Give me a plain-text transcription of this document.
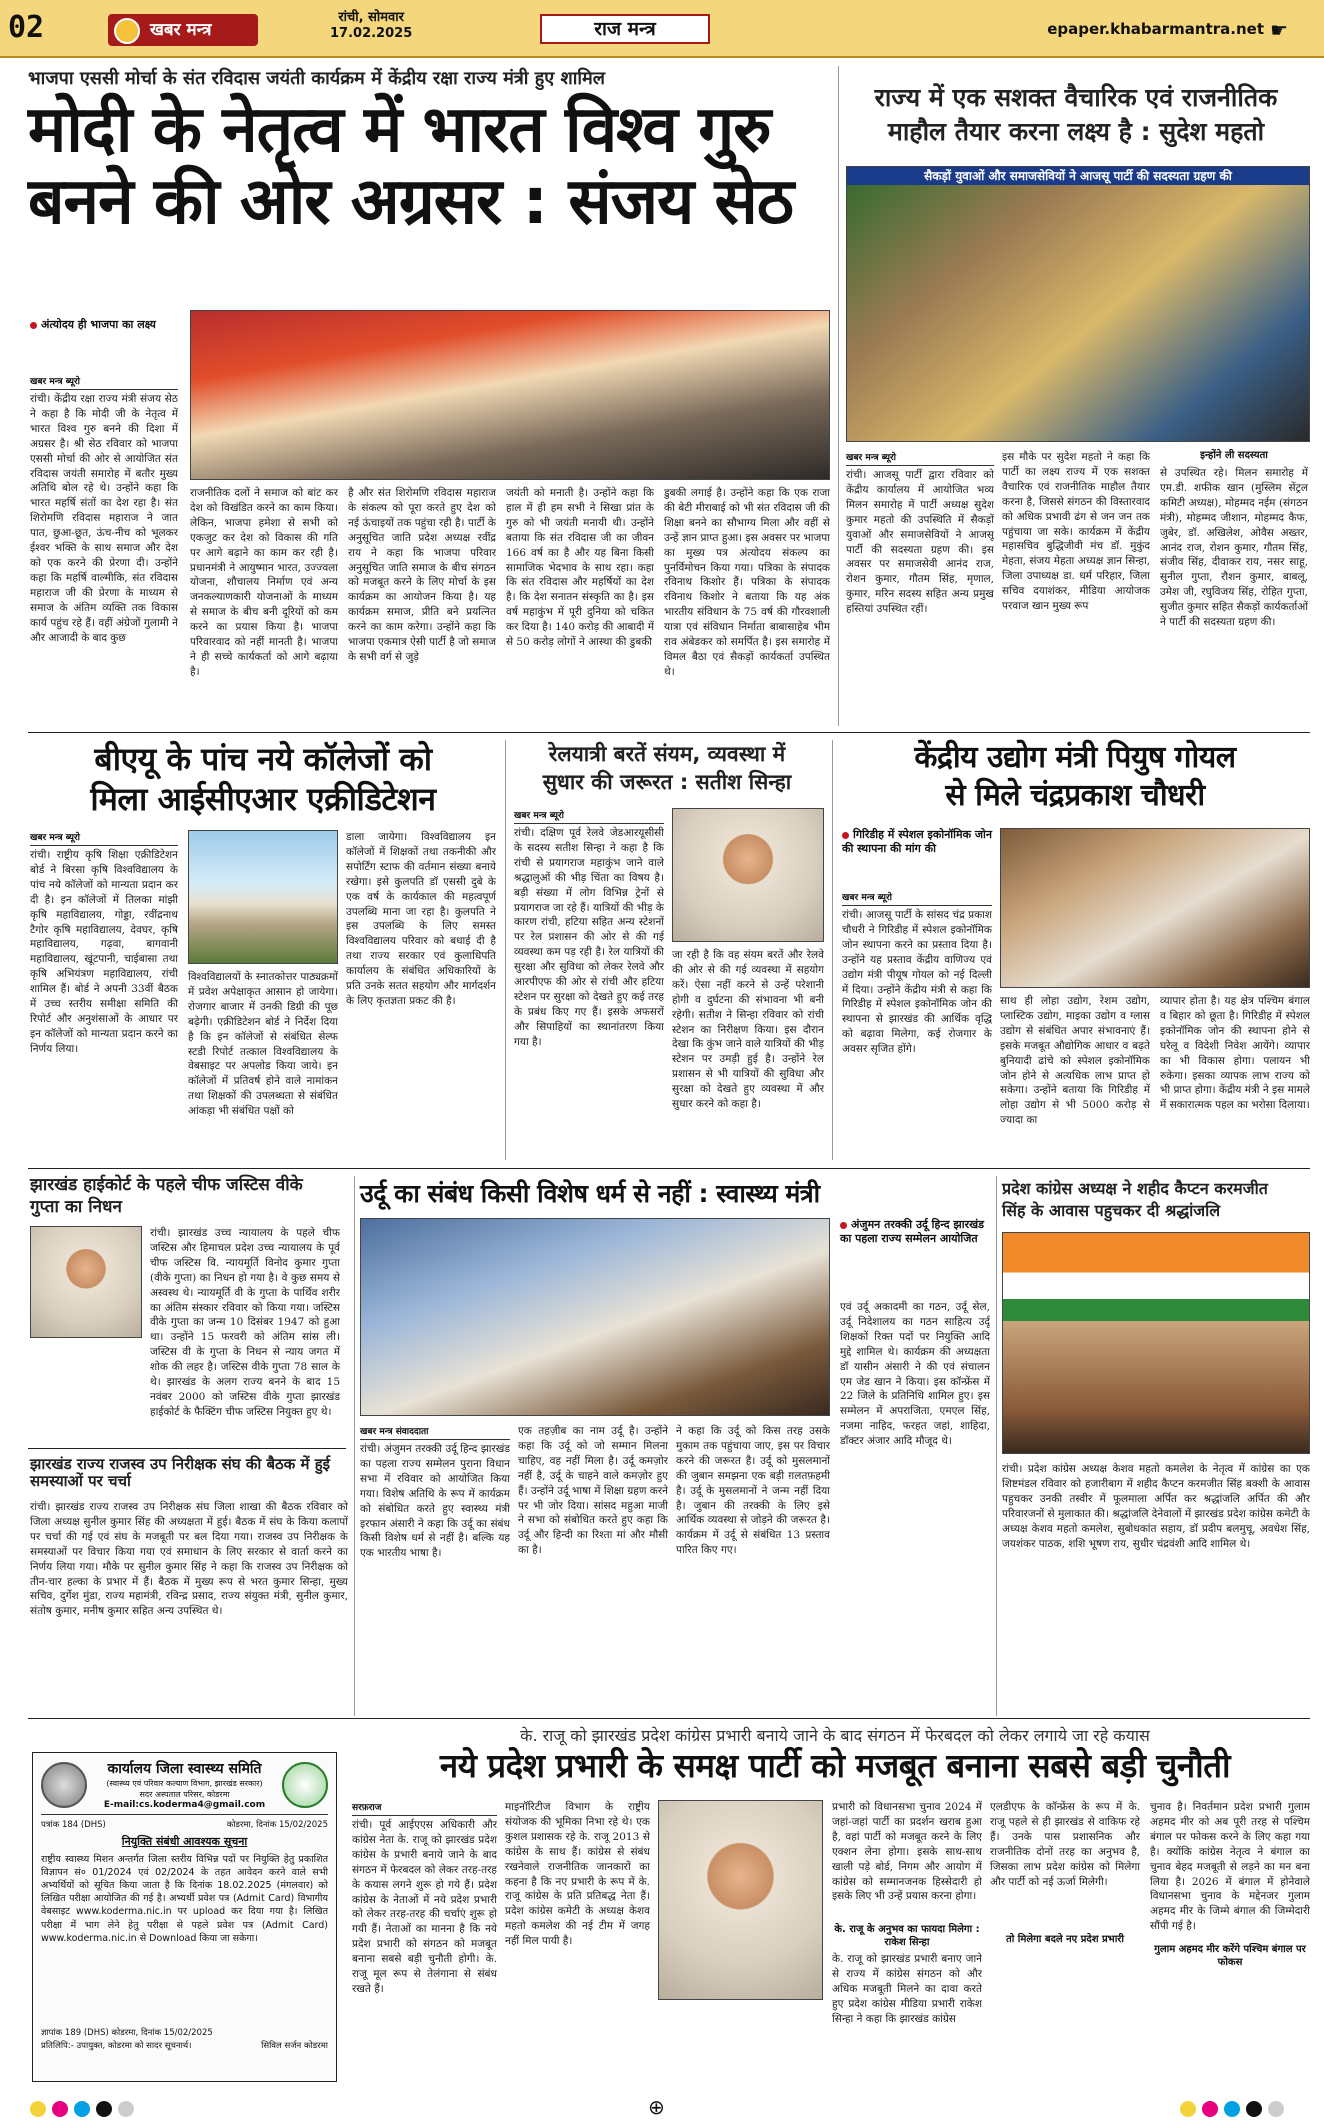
02	खबर मन्त्र
रांची, सोमवार
17.02.2025	राज मन्त्र	epaper.khabarmantra.net ☛
भाजपा एससी मोर्चा के संत रविदास जयंती कार्यक्रम में केंद्रीय रक्षा राज्य मंत्री हुए शामिल
मोदी के नेतृत्व में भारत विश्व गुरु
बनने की ओर अग्रसर : संजय सेठ
अंत्योदय ही भाजपा का लक्ष्य
खबर मन्त्र ब्यूरो
रांची। केंद्रीय रक्षा राज्य मंत्री संजय सेठ ने कहा है कि मोदी जी के नेतृत्व में भारत विश्व गुरु बनने की दिशा में अग्रसर है। श्री सेठ रविवार को भाजपा एससी मोर्चा की ओर से आयोजित संत रविदास जयंती समारोह में बतौर मुख्य अतिथि बोल रहे थे। उन्होंने कहा कि भारत महर्षि संतों का देश रहा है। संत शिरोमणि रविदास महाराज ने जात पात, छुआ-छूत, ऊंच-नीच को भूलकर ईश्वर भक्ति के साथ समाज और देश को एक करने की प्रेरणा दी। उन्होंने कहा कि महर्षि वाल्मीकि, संत रविदास महाराज जी की प्रेरणा के माध्यम से समाज के अंतिम व्यक्ति तक विकास कार्य पहुंच रहे हैं। वहीं अंग्रेजों गुलामी ने और आजादी के बाद कुछ
राजनीतिक दलों ने समाज को बांट कर देश को विखंडित करने का काम किया। लेकिन, भाजपा हमेशा से सभी को एकजुट कर देश को विकास की गति पर आगे बढ़ाने का काम कर रही है। प्रधानमंत्री ने आयुष्मान भारत, उज्ज्वला योजना, शौचालय निर्माण एवं अन्य जनकल्याणकारी योजनाओं के माध्यम से समाज के बीच बनी दूरियों को कम करने का प्रयास किया है। भाजपा परिवारवाद को नहीं मानती है। भाजपा ने ही सच्चे कार्यकर्ता को आगे बढ़ाया है।
है और संत शिरोमणि रविदास महाराज के संकल्प को पूरा करते हुए देश को नई ऊंचाइयों तक पहुंचा रही है। पार्टी के अनुसूचित जाति प्रदेश अध्यक्ष रवींद्र राय ने कहा कि भाजपा परिवार अनुसूचित जाति समाज के बीच संगठन को मजबूत करने के लिए मोर्चा के इस कार्यक्रम का आयोजन किया है। यह कार्यक्रम समाज, प्रीति बने प्रयत्नित करने का काम करेगा। उन्होंने कहा कि भाजपा एकमात्र ऐसी पार्टी है जो समाज के सभी वर्ग से जुड़े
जयंती को मनाती है। उन्होंने कहा कि हाल में ही हम सभी ने सिखा प्रांत के गुरु को भी जयंती मनायी थी। उन्होंने बताया कि संत रविदास जी का जीवन 166 वर्ष का है और यह बिना किसी सामाजिक भेदभाव के साथ रहा। कहा कि संत रविदास और महर्षियों का देश है। कि देश सनातन संस्कृति का है। इस वर्ष महाकुंभ में पूरी दुनिया को चकित कर दिया है। 140 करोड़ की आबादी में से 50 करोड़ लोगों ने आस्था की डुबकी
डुबकी लगाई है। उन्होंने कहा कि एक राजा की बेटी मीराबाई को भी संत रविदास जी की शिक्षा बनने का सौभाग्य मिला और वहीं से उन्हें ज्ञान प्राप्त हुआ। इस अवसर पर भाजपा का मुख्य पत्र अंत्योदय संकल्प का पुनर्विमोचन किया गया। पत्रिका के संपादक रविनाथ किशोर हैं। पत्रिका के संपादक रविनाथ किशोर ने बताया कि यह अंक भारतीय संविधान के 75 वर्ष की गौरवशाली यात्रा एवं संविधान निर्माता बाबासाहेब भीम राव अंबेडकर को समर्पित है। इस समारोह में विमल बैठा एवं सैकड़ों कार्यकर्ता उपस्थित थे।
राज्य में एक सशक्त वैचारिक एवं राजनीतिक
माहौल तैयार करना लक्ष्य है : सुदेश महतो
सैकड़ों युवाओं और समाजसेवियों ने आजसू पार्टी की सदस्यता ग्रहण की
खबर मन्त्र ब्यूरो
रांची। आजसू पार्टी द्वारा रविवार को केंद्रीय कार्यालय में आयोजित भव्य मिलन समारोह में पार्टी अध्यक्ष सुदेश कुमार महतो की उपस्थिति में सैकड़ों युवाओं और समाजसेवियों ने आजसू पार्टी की सदस्यता ग्रहण की। इस अवसर पर समाजसेवी आनंद राज, रोशन कुमार, गौतम सिंह, मृणाल, कुमार, मरिन सदस्य सहित अन्य प्रमुख हस्तियां उपस्थित रहीं।
इस मौके पर सुदेश महतो ने कहा कि पार्टी का लक्ष्य राज्य में एक सशक्त वैचारिक एवं राजनीतिक माहौल तैयार करना है, जिससे संगठन की विस्तारवाद को अधिक प्रभावी ढंग से जन जन तक पहुंचाया जा सके। कार्यक्रम में केंद्रीय महासचिव बुद्धिजीवी मंच डॉ. मुकुंद मेहता, संजय मेहता अध्यक्ष ज्ञान सिन्हा, जिला उपाध्यक्ष डा. धर्म परिहार, जिला सचिव दयाशंकर, मीडिया आयोजक परवाज खान मुख्य रूप
इन्होंने ली सदस्यता
से उपस्थित रहे। मिलन समारोह में एम.डी. शफीक खान (मुस्लिम सेंट्रल कमिटी अध्यक्ष), मोहम्मद नईम (संगठन मंत्री), मोहम्मद जीशान, मोहम्मद कैफ, जुबेर, डॉ. अखिलेश, ओवैस अख्तर, आनंद राज, रोशन कुमार, गौतम सिंह, संजीव सिंह, दीवाकर राय, नसर साहू, सुनील गुप्ता, रौशन कुमार, बाबलू, उमेश जी, रघुविजय सिंह, रोहित गुप्ता, सुजीत कुमार सहित सैकड़ों कार्यकर्ताओं ने पार्टी की सदस्यता ग्रहण की।
बीएयू के पांच नये कॉलेजों को
मिला आईसीएआर एक्रीडिटेशन
खबर मन्त्र ब्यूरो
रांची। राष्ट्रीय कृषि शिक्षा एक्रीडिटेशन बोर्ड ने बिरसा कृषि विश्वविद्यालय के पांच नये कॉलेजों को मान्यता प्रदान कर दी है। इन कॉलेजों में तिलका मांझी कृषि महाविद्यालय, गोड्डा, रवींद्रनाथ टैगोर कृषि महाविद्यालय, देवघर, कृषि महाविद्यालय, गढ़वा, बागवानी महाविद्यालय, खूंटपानी, चाईबासा तथा कृषि अभियंत्रण महाविद्यालय, रांची शामिल हैं। बोर्ड ने अपनी 33वीं बैठक में उच्च स्तरीय समीक्षा समिति की रिपोर्ट और अनुशंसाओं के आधार पर इन कॉलेजों को मान्यता प्रदान करने का निर्णय लिया।
विश्वविद्यालयों के स्नातकोत्तर पाठ्यक्रमों में प्रवेश अपेक्षाकृत आसान हो जायेगा। रोजगार बाजार में उनकी डिग्री की पूछ बढ़ेगी। एक्रीडिटेशन बोर्ड ने निर्देश दिया है कि इन कॉलेजों से संबंधित सेल्फ स्टडी रिपोर्ट तत्काल विश्वविद्यालय के वेबसाइट पर अपलोड किया जाये। इन कॉलेजों में प्रतिवर्ष होने वाले नामांकन तथा शिक्षकों की उपलब्धता से संबंधित आंकड़ा भी संबंधित पक्षों को
डाला जायेगा। विश्वविद्यालय इन कॉलेजों में शिक्षकों तथा तकनीकी और सपोर्टिंग स्टाफ की वर्तमान संख्या बनाये रखेगा। इसे कुलपति डॉ एससी दुबे के एक वर्ष के कार्यकाल की महत्वपूर्ण उपलब्धि माना जा रहा है। कुलपति ने इस उपलब्धि के लिए समस्त विश्वविद्यालय परिवार को बधाई दी है तथा राज्य सरकार एवं कुलाधिपति कार्यालय के संबंधित अधिकारियों के प्रति उनके सतत सहयोग और मार्गदर्शन के लिए कृतज्ञता प्रकट की है।
रेलयात्री बरतें संयम, व्यवस्था में
सुधार की जरूरत : सतीश सिन्हा
खबर मन्त्र ब्यूरो
रांची। दक्षिण पूर्व रेलवे जेडआरयूसीसी के सदस्य सतीश सिन्हा ने कहा है कि रांची से प्रयागराज महाकुंभ जाने वाले श्रद्धालुओं की भीड़ चिंता का विषय है। बड़ी संख्या में लोग विभिन्न ट्रेनों से प्रयागराज जा रहे हैं। यात्रियों की भीड़ के कारण रांची, हटिया सहित अन्य स्टेशनों पर रेल प्रशासन की ओर से की गई व्यवस्था कम पड़ रही है। रेल यात्रियों की सुरक्षा और सुविधा को लेकर रेलवे और आरपीएफ की ओर से रांची और हटिया स्टेशन पर सुरक्षा को देखते हुए कई तरह के प्रबंध किए गए हैं। इसके अफसरों और सिपाहियों का स्थानांतरण किया गया है।
जा रही है कि वह संयम बरतें और रेलवे की ओर से की गई व्यवस्था में सहयोग करें। ऐसा नहीं करने से उन्हें परेशानी होगी व दुर्घटना की संभावना भी बनी रहेगी। सतीश ने सिन्हा रविवार को रांची स्टेशन का निरीक्षण किया। इस दौरान देखा कि कुंभ जाने वाले यात्रियों की भीड़ स्टेशन पर उमड़ी हुई है। उन्होंने रेल प्रशासन से भी यात्रियों की सुविधा और सुरक्षा को देखते हुए व्यवस्था में और सुधार करने को कहा है।
केंद्रीय उद्योग मंत्री पियुष गोयल
से मिले चंद्रप्रकाश चौधरी
गिरिडीह में स्पेशल इकोनॉमिक जोन की स्थापना की मांग की
खबर मन्त्र ब्यूरो
रांची। आजसू पार्टी के सांसद चंद्र प्रकाश चौधरी ने गिरिडीह में स्पेशल इकोनॉमिक जोन स्थापना करने का प्रस्ताव दिया है। उन्होंने यह प्रस्ताव केंद्रीय वाणिज्य एवं उद्योग मंत्री पीयूष गोयल को नई दिल्ली में दिया। उन्होंने केंद्रीय मंत्री से कहा कि गिरिडीह में स्पेशल इकोनॉमिक जोन की स्थापना से झारखंड की आर्थिक वृद्धि को बढ़ावा मिलेगा, कई रोजगार के अवसर सृजित होंगे।
साथ ही लोहा उद्योग, रेशम उद्योग, प्लास्टिक उद्योग, माइका उद्योग व ग्लास उद्योग से संबंधित अपार संभावनाएं हैं। इसके मजबूत औद्योगिक आधार व बढ़ते बुनियादी ढांचे को स्पेशल इकोनॉमिक जोन होने से अत्यधिक लाभ प्राप्त हो सकेगा। उन्होंने बताया कि गिरिडीह में लोहा उद्योग से भी 5000 करोड़ से ज्यादा का
व्यापार होता है। यह क्षेत्र पश्चिम बंगाल व बिहार को छूता है। गिरिडीह में स्पेशल इकोनॉमिक जोन की स्थापना होने से घरेलू व विदेशी निवेश आयेंगे। व्यापार का भी विकास होगा। पलायन भी रुकेगा। इसका व्यापक लाभ राज्य को भी प्राप्त होगा। केंद्रीय मंत्री ने इस मामले में सकारात्मक पहल का भरोसा दिलाया।
झारखंड हाईकोर्ट के पहले चीफ जस्टिस वीके
गुप्ता का निधन
रांची। झारखंड उच्च न्यायालय के पहले चीफ जस्टिस और हिमाचल प्रदेश उच्च न्यायालय के पूर्व चीफ जस्टिस वि. न्यायमूर्ति विनोद कुमार गुप्ता (वीके गुप्ता) का निधन हो गया है। वे कुछ समय से अस्वस्थ थे। न्यायमूर्ति वी के गुप्ता के पार्थिव शरीर का अंतिम संस्कार रविवार को किया गया। जस्टिस वीके गुप्ता का जन्म 10 दिसंबर 1947 को हुआ था। उन्होंने 15 फरवरी को अंतिम सांस ली। जस्टिस वी के गुप्ता के निधन से न्याय जगत में शोक की लहर है। जस्टिस वीके गुप्ता 78 साल के थे। झारखंड के अलग राज्य बनने के बाद 15 नवंबर 2000 को जस्टिस वीके गुप्ता झारखंड हाईकोर्ट के फैक्टिंग चीफ जस्टिस नियुक्त हुए थे।
झारखंड राज्य राजस्व उप निरीक्षक संघ की बैठक में हुई समस्याओं पर चर्चा
रांची। झारखंड राज्य राजस्व उप निरीक्षक संघ जिला शाखा की बैठक रविवार को जिला अध्यक्ष सुनील कुमार सिंह की अध्यक्षता में हुई। बैठक में संघ के किया कलापों पर चर्चा की गई एवं संघ के मजबूती पर बल दिया गया। राजस्व उप निरीक्षक के समस्याओं पर विचार किया गया एवं समाधान के लिए सरकार से वार्ता करने का निर्णय लिया गया। मौके पर सुनील कुमार सिंह ने कहा कि राजस्व उप निरीक्षक को तीन-चार हल्का के प्रभार में हैं। बैठक में मुख्य रूप से भरत कुमार सिन्हा, मुख्य सचिव, दुर्गेश मुंडा, राज्य महामंत्री, रविन्द्र प्रसाद, राज्य संयुक्त मंत्री, सुनील कुमार, संतोष कुमार, मनीष कुमार सहित अन्य उपस्थित थे।
उर्दू का संबंध किसी विशेष धर्म से नहीं : स्वास्थ्य मंत्री
खबर मन्त्र संवाददाता
रांची। अंजुमन तरक्की उर्दू हिन्द झारखंड का पहला राज्य सम्मेलन पुराना विधान सभा में रविवार को आयोजित किया गया। विशेष अतिथि के रूप में कार्यक्रम को संबोधित करते हुए स्वास्थ्य मंत्री इरफान अंसारी ने कहा कि उर्दू का संबंध किसी विशेष धर्म से नहीं है। बल्कि यह एक भारतीय भाषा है।
एक तहज़ीब का नाम उर्दू है। उन्होंने कहा कि उर्दू को जो सम्मान मिलना चाहिए, वह नहीं मिला है। उर्दू कमज़ोर नहीं है, उर्दू के चाहने वाले कमज़ोर हुए हैं। उन्होंने उर्दू भाषा में शिक्षा ग्रहण करने पर भी जोर दिया। सांसद महुआ माजी ने सभा को संबोधित करते हुए कहा कि उर्दू और हिन्दी का रिश्ता मां और मौसी का है।
ने कहा कि उर्दू को किस तरह उसके मुकाम तक पहुंचाया जाए, इस पर विचार करने की जरूरत है। उर्दू को मुसलमानों की जुबान समझना एक बड़ी ग़लतफ़हमी है। उर्दू के मुसलमानों ने जन्म नहीं दिया है। जुबान की तरक्की के लिए इसे आर्थिक व्यवस्था से जोड़ने की जरूरत है। कार्यक्रम में उर्दू से संबंधित 13 प्रस्ताव पारित किए गए।
अंजुमन तरक्की उर्दू हिन्द झारखंड का पहला राज्य सम्मेलन आयोजित
एवं उर्दू अकादमी का गठन, उर्दू सेल, उर्दू निदेशालय का गठन साहित्य उर्दू शिक्षकों रिक्त पदों पर नियुक्ति आदि मुद्दे शामिल थे। कार्यक्रम की अध्यक्षता डॉ यासीन अंसारी ने की एवं संचालन एम जेड खान ने किया। इस कॉन्फ्रेंस में 22 जिले के प्रतिनिधि शामिल हुए। इस सम्मेलन में अपराजिता, एमएल सिंह, नजमा नाहिद, फरहत जहां, शाहिदा, डॉक्टर अंजार आदि मौजूद थे।
प्रदेश कांग्रेस अध्यक्ष ने शहीद कैप्टन करमजीत
सिंह के आवास पहुचकर दी श्रद्धांजलि
रांची। प्रदेश कांग्रेस अध्यक्ष केशव महतो कमलेश के नेतृत्व में कांग्रेस का एक शिष्टमंडल रविवार को हजारीबाग में शहीद कैप्टन करमजीत सिंह बक्शी के आवास पहुचकर उनकी तस्वीर में फूलमाला अर्पित कर श्रद्धांजलि अर्पित की और परिवारजनों से मुलाकात की। श्रद्धांजलि देनेवालों में झारखंड प्रदेश कांग्रेस कमेटी के अध्यक्ष केशव महतो कमलेश, सुबोधकांत सहाय, डॉ प्रदीप बलमुचू, अवधेश सिंह, जयशंकर पाठक, शशि भूषण राय, सुधीर चंद्रवंशी आदि शामिल थे।
के. राजू को झारखंड प्रदेश कांग्रेस प्रभारी बनाये जाने के बाद संगठन में फेरबदल को लेकर लगाये जा रहे कयास
नये प्रदेश प्रभारी के समक्ष पार्टी को मजबूत बनाना सबसे बड़ी चुनौती
कार्यालय जिला स्वास्थ्य समिति
(स्वास्थ्य एवं परिवार कल्याण विभाग, झारखंड सरकार)
सदर अस्पताल परिसर, कोडरमा
E-mail:cs.koderma4@gmail.com
पत्रांक 184 (DHS)	कोडरमा, दिनांक 15/02/2025
नियुक्ति संबंधी आवश्यक सूचना
राष्ट्रीय स्वास्थ्य मिशन अन्तर्गत जिला स्तरीय विभिन्न पदों पर नियुक्ति हेतु प्रकाशित विज्ञापन सं० 01/2024 एवं 02/2024 के तहत आवेदन करने वाले सभी अभ्यर्थियों को सूचित किया जाता है कि दिनांक 18.02.2025 (मंगलवार) को लिखित परीक्षा आयोजित की गई है। अभ्यर्थी प्रवेश पत्र (Admit Card) विभागीय वेबसाइट www.koderma.nic.in पर upload कर दिया गया है। लिखित परीक्षा में भाग लेने हेतु परीक्षा से पहले प्रवेश पत्र (Admit Card) www.koderma.nic.in से Download किया जा सकेगा।
ज्ञापांक 189 (DHS) कोडरमा, दिनांक 15/02/2025
प्रतिलिपि:- उपायुक्त, कोडरमा को सादर सूचनार्थ।	सिविल सर्जन कोडरमा
सरफ़राज
रांची। पूर्व आईएएस अधिकारी और कांग्रेस नेता के. राजू को झारखंड प्रदेश कांग्रेस के प्रभारी बनाये जाने के बाद संगठन में फेरबदल को लेकर तरह-तरह के कयास लगने शुरू हो गये हैं। प्रदेश कांग्रेस के नेताओं में नये प्रदेश प्रभारी को लेकर तरह-तरह की चर्चाएं शुरू हो गयी हैं। नेताओं का मानना है कि नये प्रदेश प्रभारी को संगठन को मजबूत बनाना सबसे बड़ी चुनौती होगी। के. राजू मूल रूप से तेलंगाना से संबंध रखते हैं।
माइनॉरिटीज विभाग के राष्ट्रीय संयोजक की भूमिका निभा रहे थे। एक कुशल प्रशासक रहे के. राजू 2013 से कांग्रेस के साथ हैं। कांग्रेस से संबंध रखनेवाले राजनीतिक जानकारों का कहना है कि नए प्रभारी के रूप में के. राजू कांग्रेस के प्रति प्रतिबद्ध नेता हैं। प्रदेश कांग्रेस कमेटी के अध्यक्ष केशव महतो कमलेश की नई टीम में जगह नहीं मिल पायी है।
प्रभारी को विधानसभा चुनाव 2024 में जहां-जहां पार्टी का प्रदर्शन खराब हुआ है, वहां पार्टी को मजबूत करने के लिए एक्शन लेना होगा। इसके साथ-साथ खाली पड़े बोर्ड, निगम और आयोग में कांग्रेस को सम्मानजनक हिस्सेदारी हो इसके लिए भी उन्हें प्रयास करना होगा।
के. राजू के अनुभव का फायदा मिलेगा : राकेश सिन्हा
के. राजू को झारखंड प्रभारी बनाए जाने से राज्य में कांग्रेस संगठन को और अधिक मजबूती मिलने का दावा करते हुए प्रदेश कांग्रेस मीडिया प्रभारी राकेश सिन्हा ने कहा कि झारखंड कांग्रेस
एलडीएफ के कॉन्फ्रेंस के रूप में के. राजू पहले से ही झारखंड से वाकिफ रहे हैं। उनके पास प्रशासनिक और राजनीतिक दोनों तरह का अनुभव है, जिसका लाभ प्रदेश कांग्रेस को मिलेगा और पार्टी को नई ऊर्जा मिलेगी।
तो मिलेगा बदले नए प्रदेश प्रभारी
चुनाव है। निवर्तमान प्रदेश प्रभारी गुलाम अहमद मीर को अब पूरी तरह से पश्चिम बंगाल पर फोकस करने के लिए कहा गया है। क्योंकि कांग्रेस नेतृत्व ने बंगाल का चुनाव बेहद मजबूती से लड़ने का मन बना लिया है। 2026 में बंगाल में होनेवाले विधानसभा चुनाव के मद्देनजर गुलाम अहमद मीर के जिम्मे बंगाल की जिम्मेदारी सौंपी गई है।
गुलाम अहमद मीर करेंगे पश्चिम बंगाल पर फोकस
⊕
